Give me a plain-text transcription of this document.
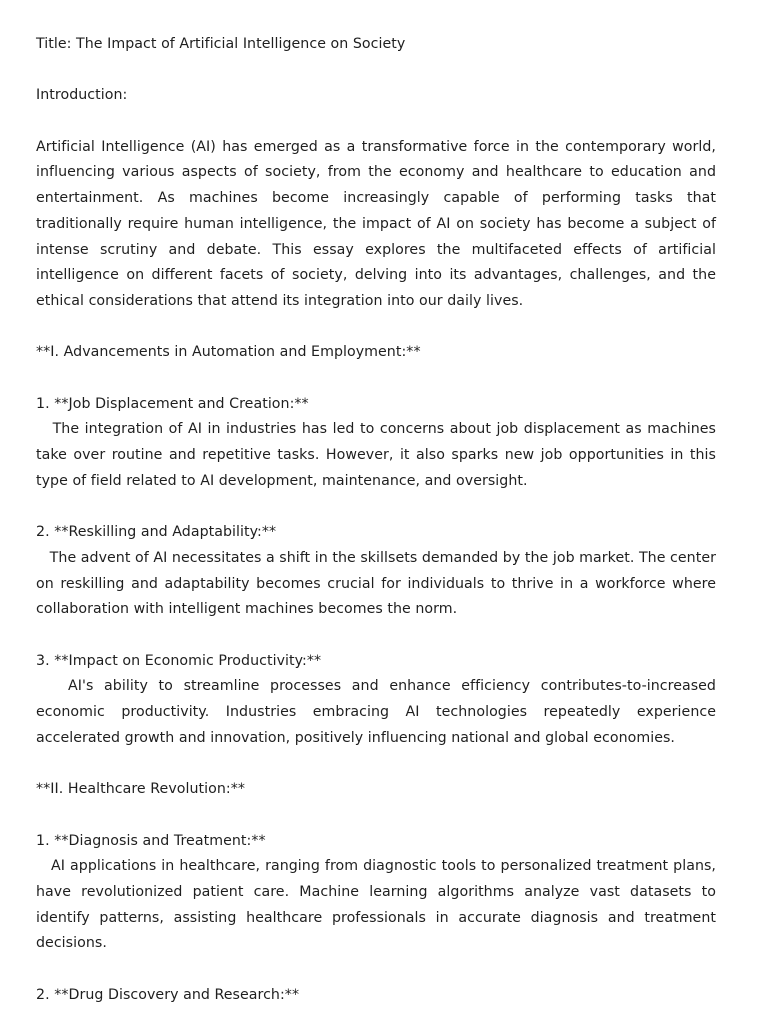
Title: The Impact of Artificial Intelligence on Society

Introduction:

Artificial Intelligence (AI) has emerged as a transformative force in the contemporary world, influencing various aspects of society, from the economy and healthcare to education and entertainment. As machines become increasingly capable of performing tasks that traditionally require human intelligence, the impact of AI on society has become a subject of intense scrutiny and debate. This essay explores the multifaceted effects of artificial intelligence on different facets of society, delving into its advantages, challenges, and the ethical considerations that attend its integration into our daily lives.

**I. Advancements in Automation and Employment:**

1. **Job Displacement and Creation:**
The integration of AI in industries has led to concerns about job displacement as machines take over routine and repetitive tasks. However, it also sparks new job opportunities in this type of field related to AI development, maintenance, and oversight.

2. **Reskilling and Adaptability:**
The advent of AI necessitates a shift in the skillsets demanded by the job market. The center on reskilling and adaptability becomes crucial for individuals to thrive in a workforce where collaboration with intelligent machines becomes the norm.

3. **Impact on Economic Productivity:**
AI's ability to streamline processes and enhance efficiency contributes-to-increased economic productivity. Industries embracing AI technologies repeatedly experience accelerated growth and innovation, positively influencing national and global economies.

**II. Healthcare Revolution:**

1. **Diagnosis and Treatment:**
AI applications in healthcare, ranging from diagnostic tools to personalized treatment plans, have revolutionized patient care. Machine learning algorithms analyze vast datasets to identify patterns, assisting healthcare professionals in accurate diagnosis and treatment decisions.

2. **Drug Discovery and Research:**
